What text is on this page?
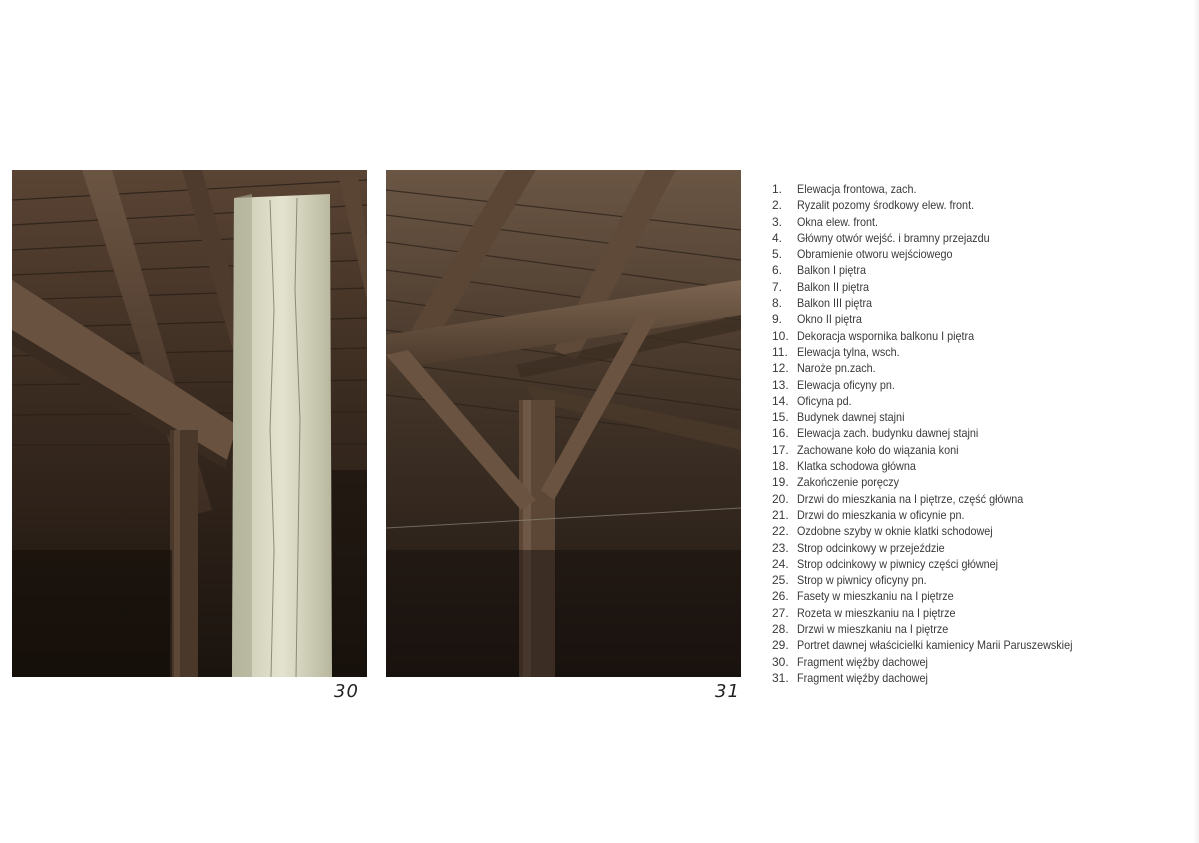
30	31
1.	Elewacja frontowa, zach.
2.	Ryzalit pozomy środkowy elew. front.
3.	Okna elew. front.
4.	Główny otwór wejść. i bramny przejazdu
5.	Obramienie otworu wejściowego
6.	Balkon I piętra
7.	Balkon II piętra
8.	Balkon III piętra
9.	Okno II piętra
10. Dekoracja wspornika balkonu I piętra
11. Elewacja tylna, wsch.
12. Naroże pn.zach.
13. Elewacja oficyny pn.
14. Oficyna pd.
15. Budynek dawnej stajni
16. Elewacja zach. budynku dawnej stajni
17. Zachowane koło do wiązania koni
18. Klatka schodowa główna
19. Zakończenie poręczy
20. Drzwi do mieszkania na I piętrze, część główna
21. Drzwi do mieszkania w oficynie pn.
22. Ozdobne szyby w oknie klatki schodowej
23. Strop odcinkowy w przejeździe
24. Strop odcinkowy w piwnicy części głównej
25. Strop w piwnicy oficyny pn.
26. Fasety w mieszkaniu na I piętrze
27. Rozeta w mieszkaniu na I piętrze
28. Drzwi w mieszkaniu na I piętrze
29. Portret dawnej właścicielki kamienicy Marii Paruszewskiej
30. Fragment więźby dachowej
31. Fragment więźby dachowej
